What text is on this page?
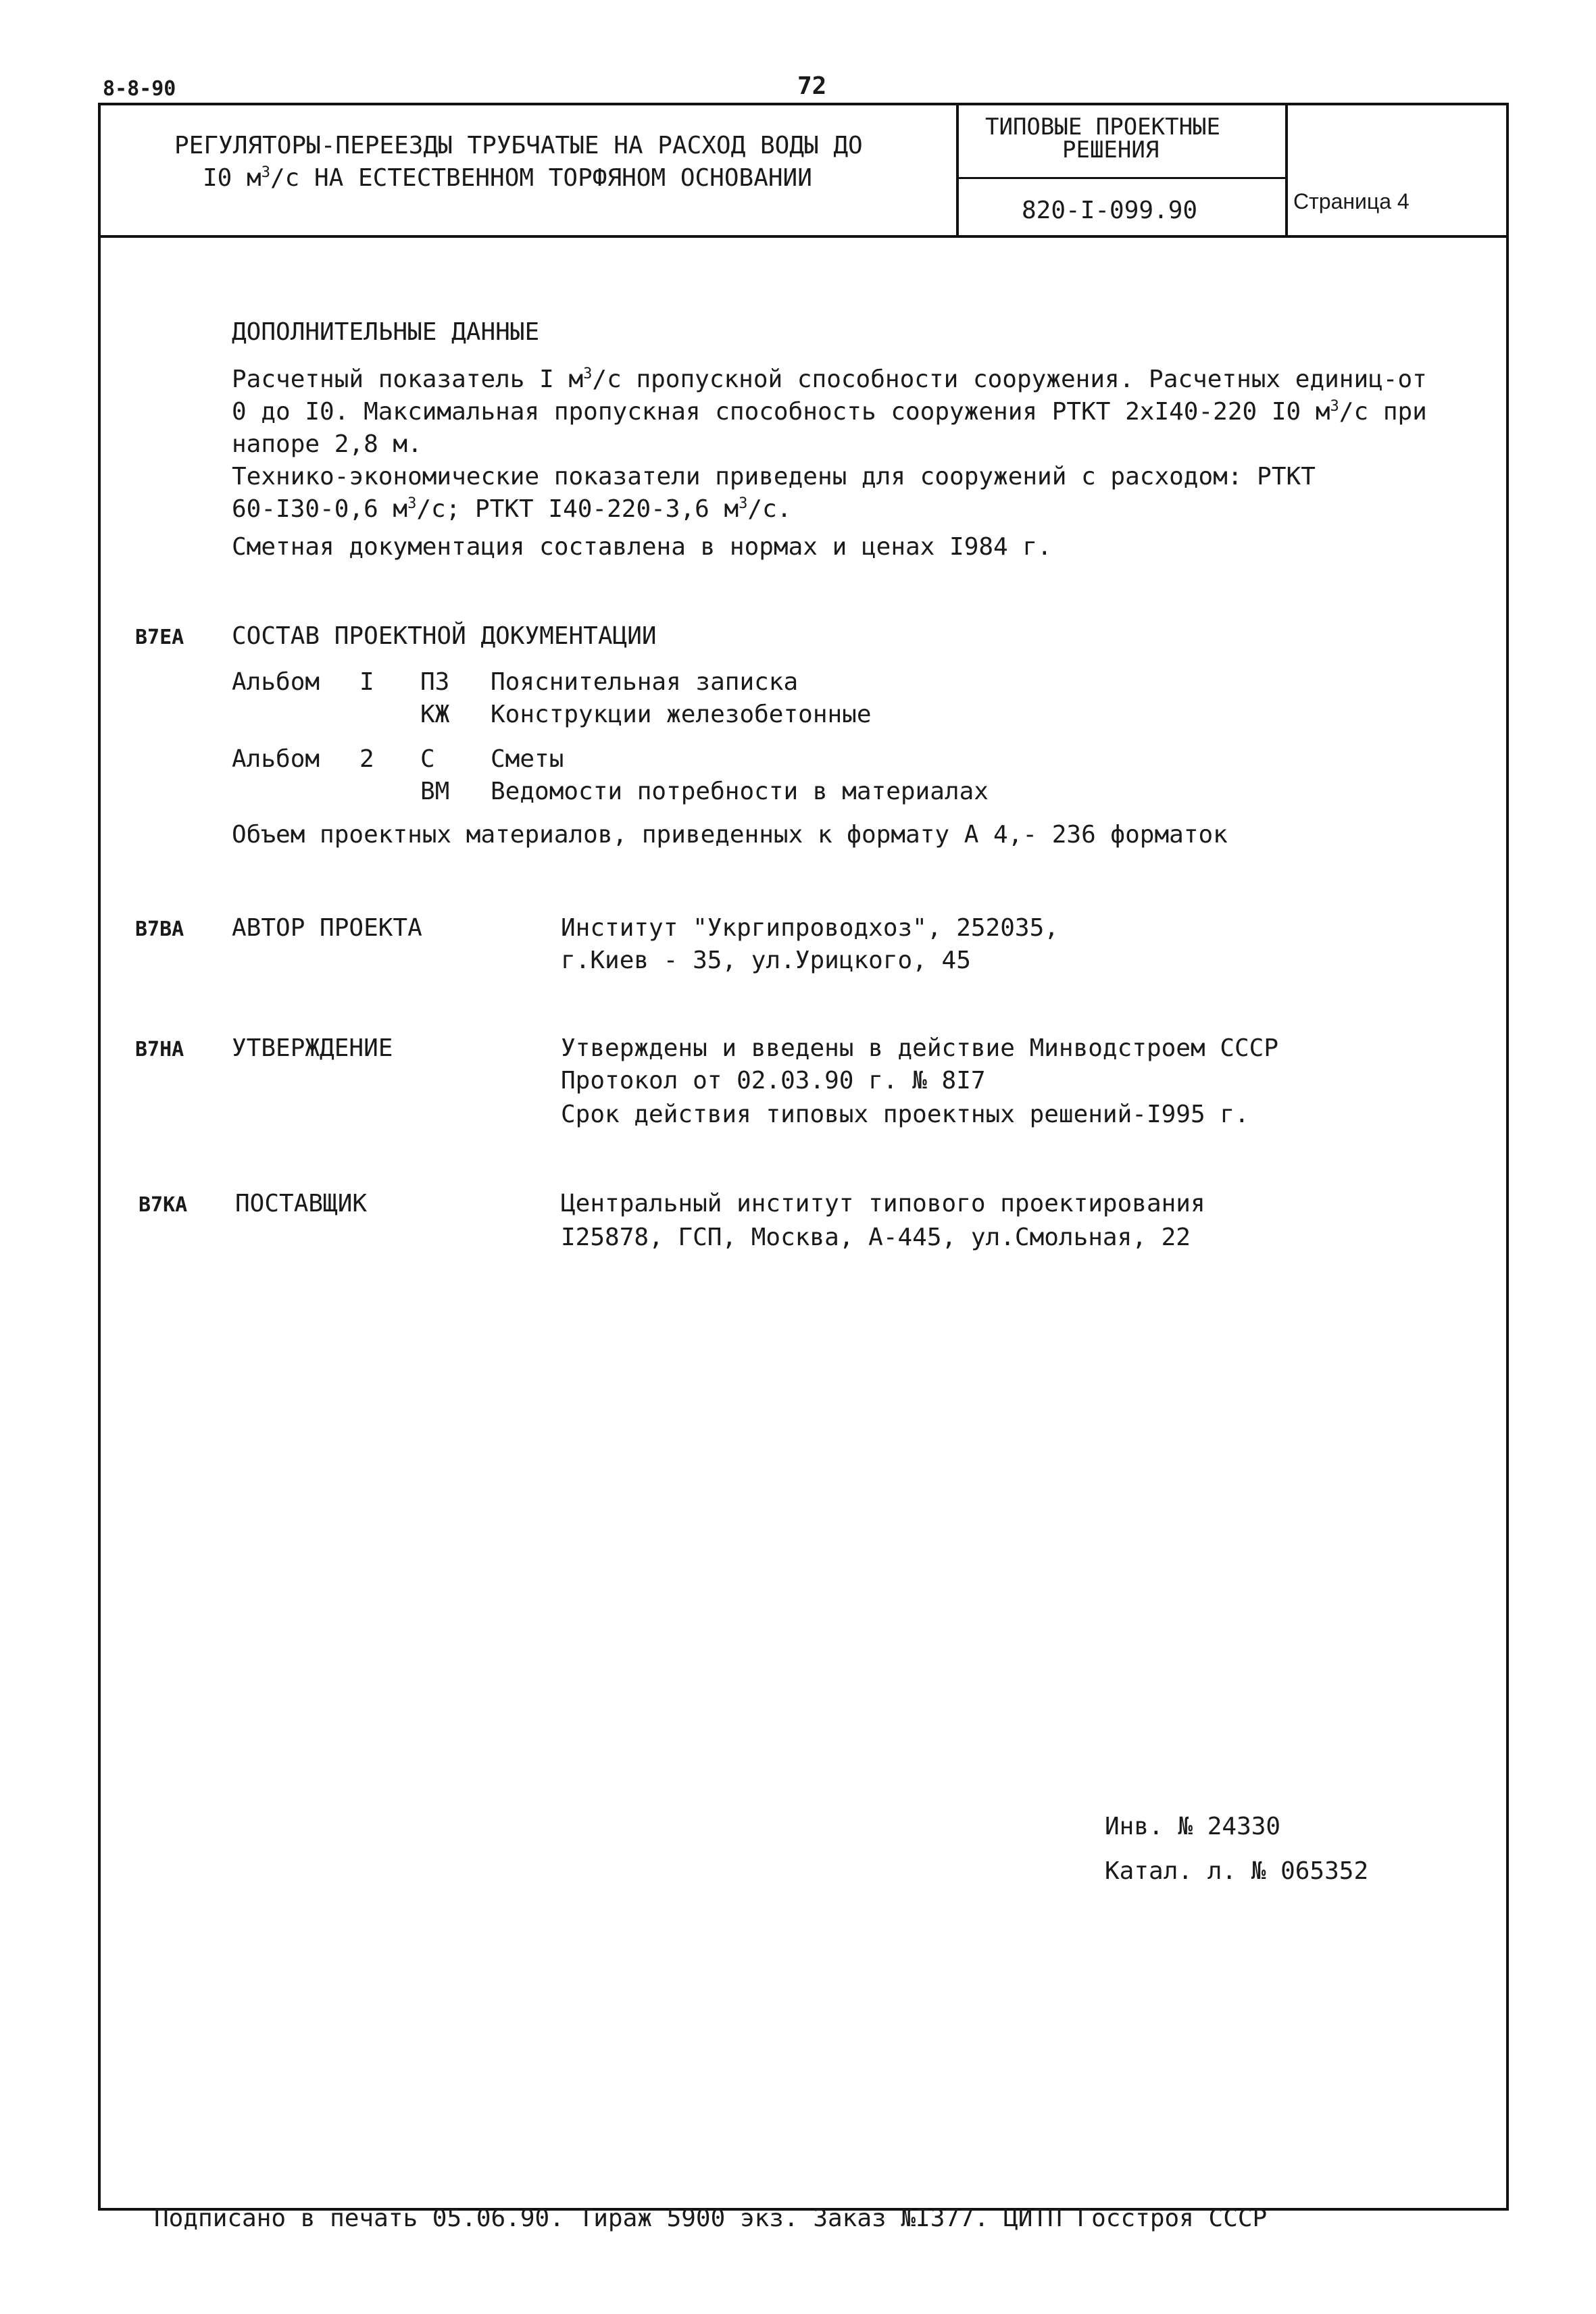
8-8-90	72
РЕГУЛЯТОРЫ-ПЕРЕЕЗДЫ ТРУБЧАТЫЕ НА РАСХОД ВОДЫ ДО
I0 $м^3/с$ НА ЕСТЕСТВЕННОМ ТОРФЯНОМ ОСНОВАНИИ
ТИПОВЫЕ ПРОЕКТНЫЕ
РЕШЕНИЯ
820-I-099.90	Страница 4
ДОПОЛНИТЕЛЬНЫЕ ДАННЫЕ
Расчетный показатель I $м^3/с$ пропускной способности сооружения. Расчетных единиц-от
0 до I0. Максимальная пропускная способность сооружения РТКТ 2хI40-220 I0 $м^3/с$ при
напоре 2,8 м.
Технико-экономические показатели приведены для сооружений с расходом: РТКТ
60-I30-0,6 $м^3/с$; РТКТ I40-220-3,6 $м^3/с$.
Сметная документация составлена в нормах и ценах I984 г.
В7ЕА СОСТАВ ПРОЕКТНОЙ ДОКУМЕНТАЦИИ
Альбом I ПЗ Пояснительная записка
КЖ Конструкции железобетонные
Альбом 2 С Сметы
ВМ Ведомости потребности в материалах
Объем проектных материалов, приведенных к формату А 4,- 236 форматок
В7ВА АВТОР ПРОЕКТА	Институт "Укргипроводхоз", 252035,
г.Киев - 35, ул.Урицкого, 45
В7НА УТВЕРЖДЕНИЕ	Утверждены и введены в действие Минводстроем СССР
Протокол от 02.03.90 г. № 8I7
Срок действия типовых проектных решений-I995 г.
В7КА ПОСТАВЩИК	Центральный институт типового проектирования
I25878, ГСП, Москва, А-445, ул.Смольная, 22
Инв. № 24330
Катал. л. № 065352
Подписано в печать 05.06.90. Тираж 5900 экз. Заказ №I377. ЦИТП Госстроя СССР
